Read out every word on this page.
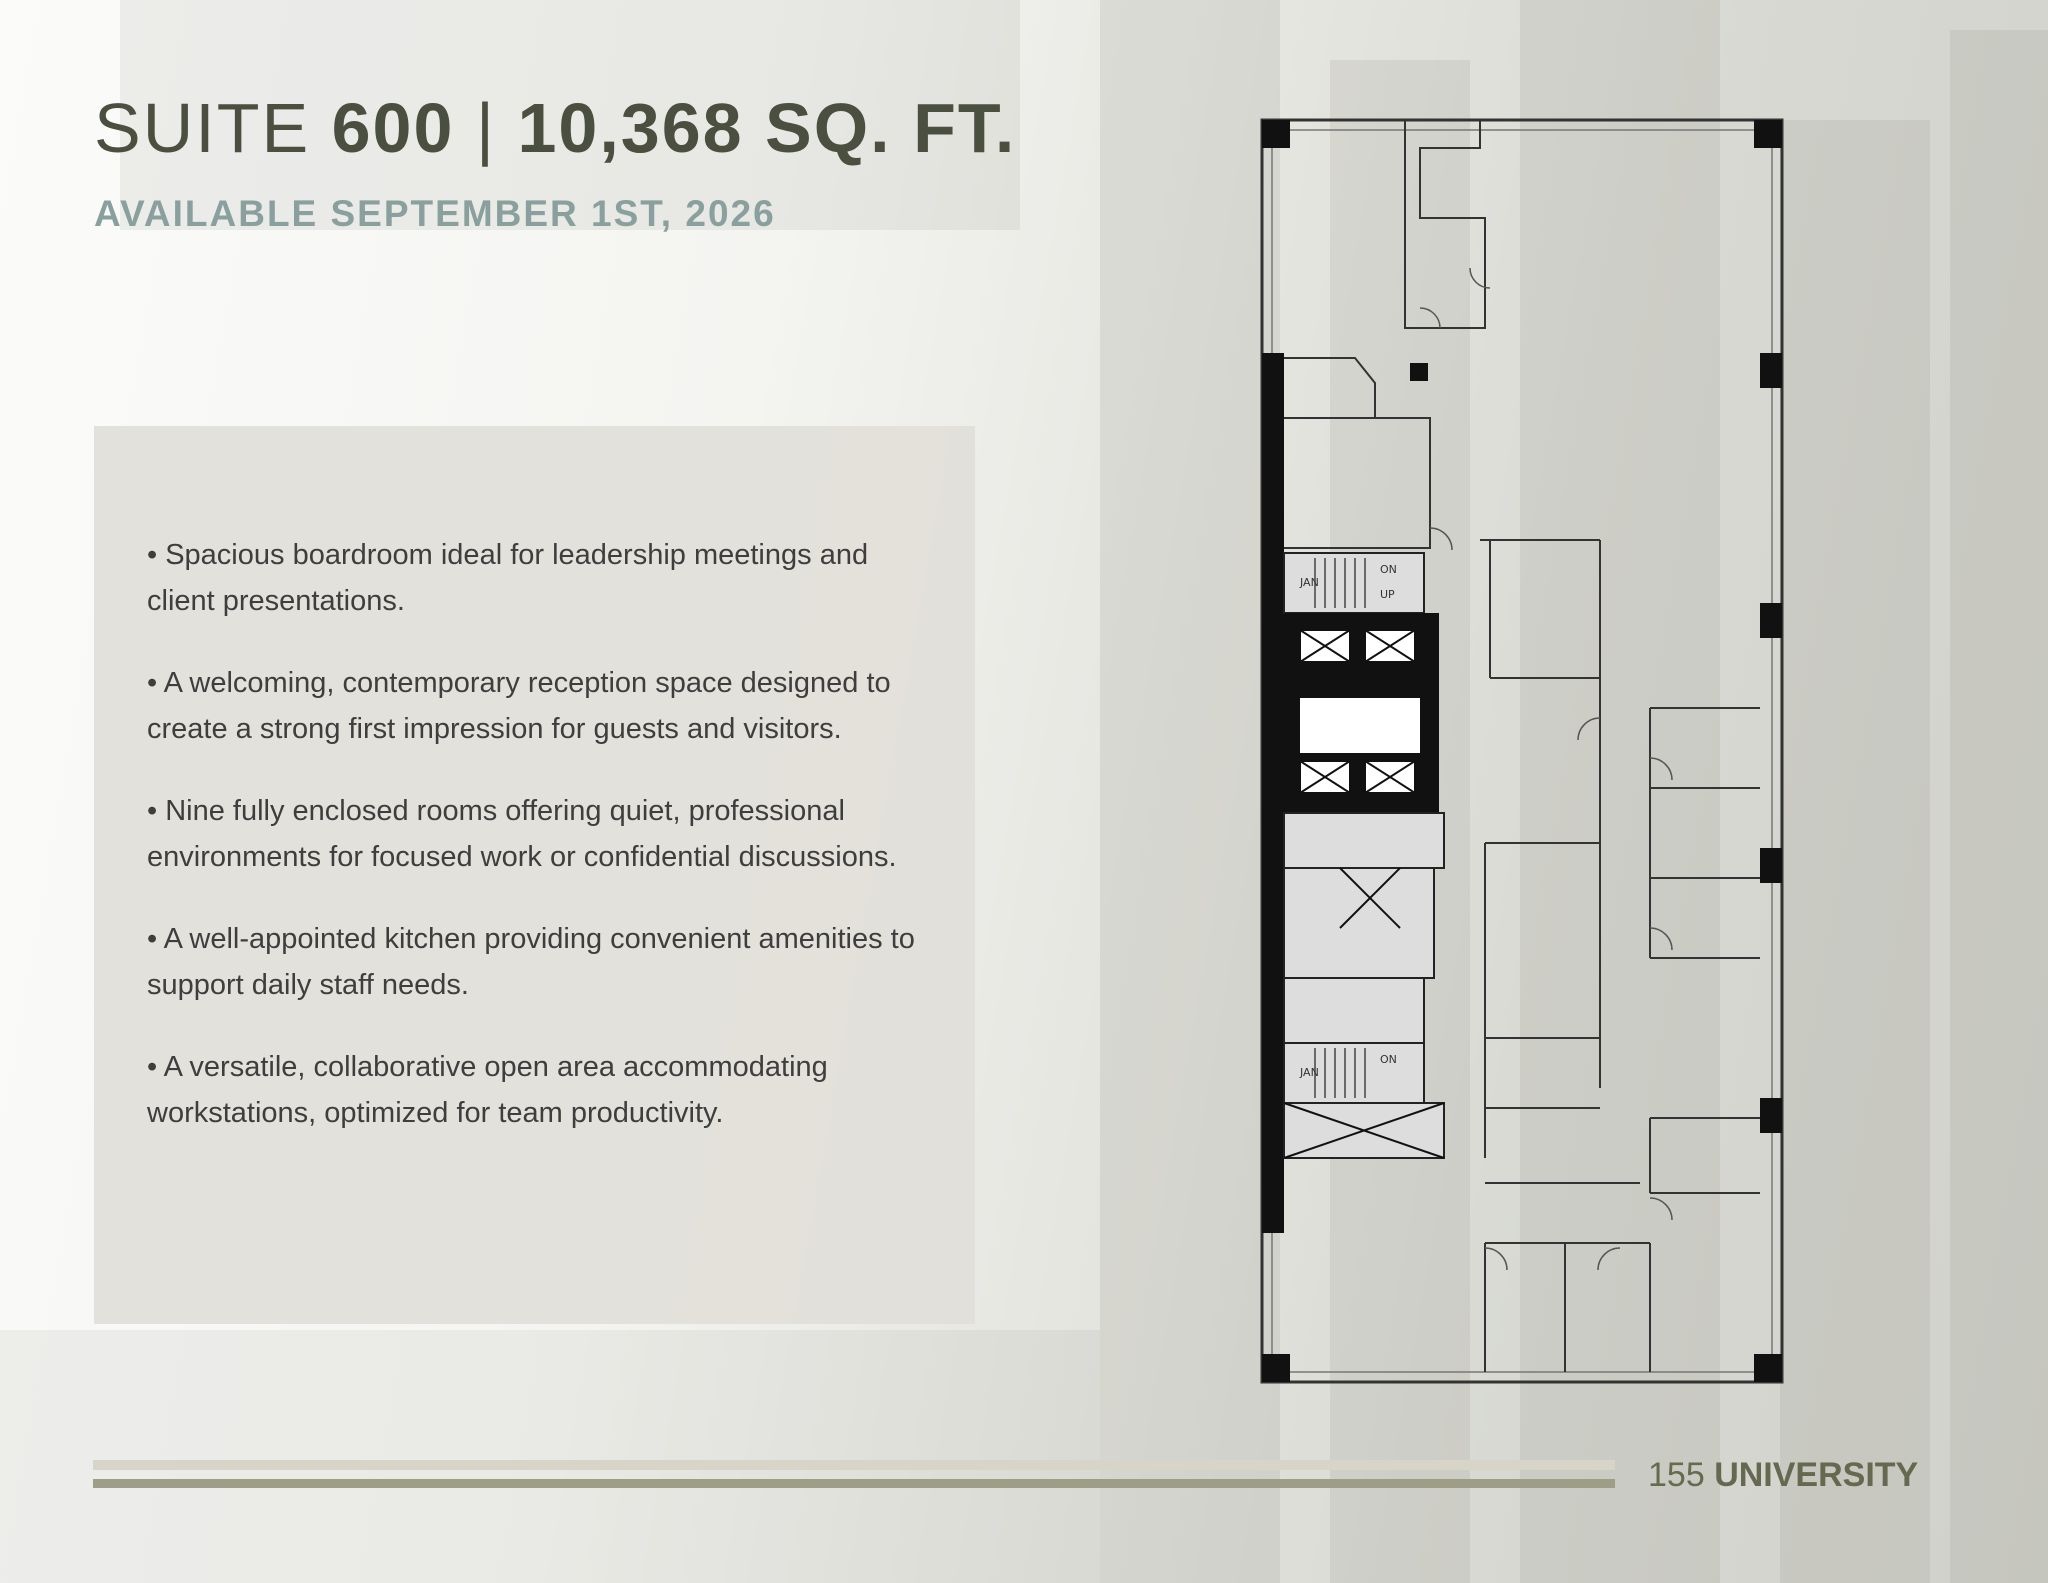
SUITE 600 | 10,368 SQ. FT.
AVAILABLE SEPTEMBER 1ST, 2026
• Spacious boardroom ideal for leadership meetings and client presentations.
• A welcoming, contemporary reception space designed to create a strong first impression for guests and visitors.
• Nine fully enclosed rooms offering quiet, professional environments for focused work or confidential discussions.
• A well-appointed kitchen providing convenient amenities to support daily staff needs.
• A versatile, collaborative open area accommodating workstations, optimized for team productivity.
JAN
UP
ON
JAN
ON
155 UNIVERSITY
